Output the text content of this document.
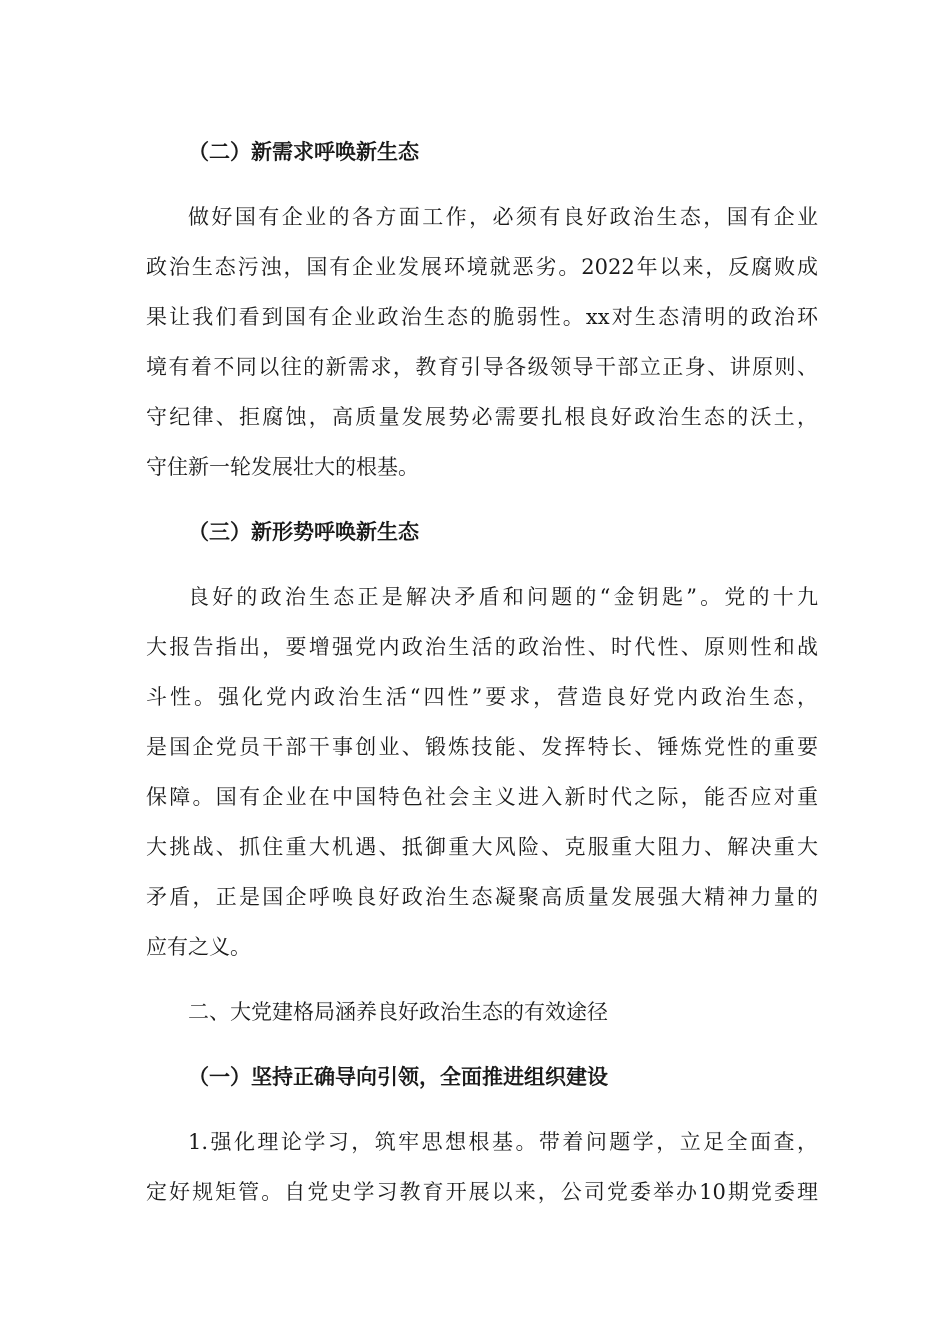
（二）新需求呼唤新生态
做好国有企业的各方面工作，必须有良好政治生态，国有企业
政治生态污浊，国有企业发展环境就恶劣。2022年以来，反腐败成
果让我们看到国有企业政治生态的脆弱性。xx对生态清明的政治环
境有着不同以往的新需求，教育引导各级领导干部立正身、讲原则、
守纪律、拒腐蚀，高质量发展势必需要扎根良好政治生态的沃土，
守住新一轮发展壮大的根基。
（三）新形势呼唤新生态
良好的政治生态正是解决矛盾和问题的“金钥匙”。党的十九
大报告指出，要增强党内政治生活的政治性、时代性、原则性和战
斗性。强化党内政治生活“四性”要求，营造良好党内政治生态，
是国企党员干部干事创业、锻炼技能、发挥特长、锤炼党性的重要
保障。国有企业在中国特色社会主义进入新时代之际，能否应对重
大挑战、抓住重大机遇、抵御重大风险、克服重大阻力、解决重大
矛盾，正是国企呼唤良好政治生态凝聚高质量发展强大精神力量的
应有之义。
二、大党建格局涵养良好政治生态的有效途径
（一）坚持正确导向引领，全面推进组织建设
1.强化理论学习，筑牢思想根基。带着问题学，立足全面查，
定好规矩管。自党史学习教育开展以来，公司党委举办10期党委理
